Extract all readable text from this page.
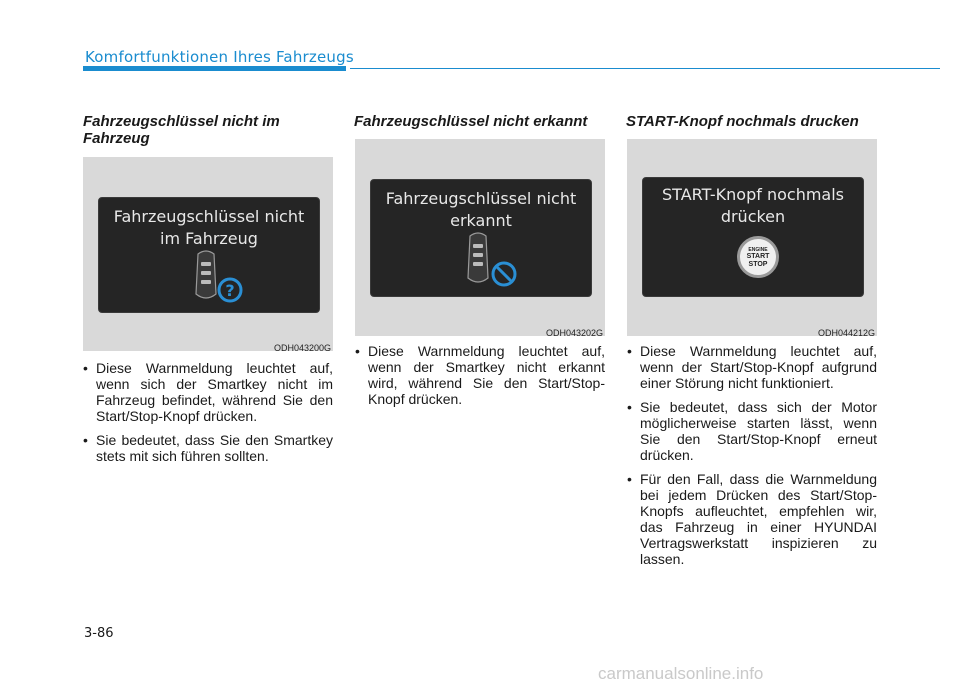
Komfortfunktionen Ihres Fahrzeugs
Fahrzeugschlüssel nicht im Fahrzeug
Fahrzeugschlüssel nicht
im Fahrzeug
?
ODH043200G
• Diese Warnmeldung leuchtet auf, wenn sich der Smartkey nicht im Fahrzeug befindet, während Sie den Start/Stop-Knopf drücken.
• Sie bedeutet, dass Sie den Smartkey stets mit sich führen sollten.
Fahrzeugschlüssel nicht erkannt
Fahrzeugschlüssel nicht
erkannt
ODH043202G
• Diese Warnmeldung leuchtet auf, wenn der Smartkey nicht erkannt wird, während Sie den Start/Stop-Knopf drücken.
START-Knopf nochmals drucken
START-Knopf nochmals
drücken
ENGINE
START
STOP
ODH044212G
• Diese Warnmeldung leuchtet auf, wenn der Start/Stop-Knopf aufgrund einer Störung nicht funktioniert.
• Sie bedeutet, dass sich der Motor möglicherweise starten lässt, wenn Sie den Start/Stop-Knopf erneut drücken.
• Für den Fall, dass die Warnmeldung bei jedem Drücken des Start/Stop-Knopfs aufleuchtet, empfehlen wir, das Fahrzeug in einer HYUNDAI Vertragswerkstatt inspizieren zu lassen.
3-86
carmanualsonline.info
